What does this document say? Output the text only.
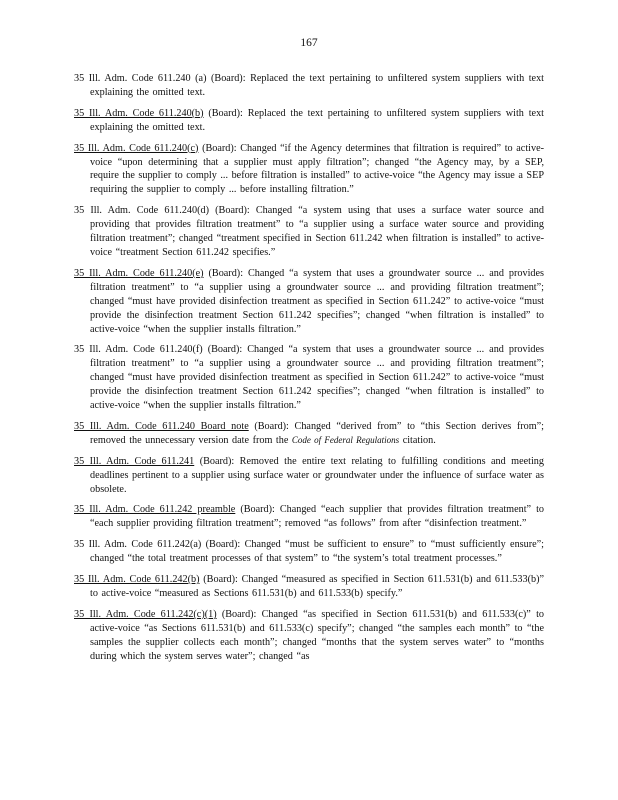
167

35 Ill. Adm. Code 611.240 (a) (Board): Replaced the text pertaining to unfiltered system suppliers with text explaining the omitted text.

35 Ill. Adm. Code 611.240(b) (Board): Replaced the text pertaining to unfiltered system suppliers with text explaining the omitted text.

35 Ill. Adm. Code 611.240(c) (Board): Changed “if the Agency determines that filtration is required” to active-voice “upon determining that a supplier must apply filtration”; changed “the Agency may, by a SEP, require the supplier to comply ... before filtration is installed” to active-voice “the Agency may issue a SEP requiring the supplier to comply ... before installing filtration.”

35 Ill. Adm. Code 611.240(d) (Board): Changed “a system using that uses a surface water source and providing that provides filtration treatment” to “a supplier using a surface water source and providing filtration treatment”; changed “treatment specified in Section 611.242 when filtration is installed” to active-voice “treatment Section 611.242 specifies.”

35 Ill. Adm. Code 611.240(e) (Board): Changed “a system that uses a groundwater source ... and provides filtration treatment” to “a supplier using a groundwater source ... and providing filtration treatment”; changed “must have provided disinfection treatment as specified in Section 611.242” to active-voice “must provide the disinfection treatment Section 611.242 specifies”; changed “when filtration is installed” to active-voice “when the supplier installs filtration.”

35 Ill. Adm. Code 611.240(f) (Board): Changed “a system that uses a groundwater source ... and provides filtration treatment” to “a supplier using a groundwater source ... and providing filtration treatment”; changed “must have provided disinfection treatment as specified in Section 611.242” to active-voice “must provide the disinfection treatment Section 611.242 specifies”; changed “when filtration is installed” to active-voice “when the supplier installs filtration.”

35 Ill. Adm. Code 611.240 Board note (Board): Changed “derived from” to “this Section derives from”; removed the unnecessary version date from the Code of Federal Regulations citation.

35 Ill. Adm. Code 611.241 (Board): Removed the entire text relating to fulfilling conditions and meeting deadlines pertinent to a supplier using surface water or groundwater under the influence of surface water as obsolete.

35 Ill. Adm. Code 611.242 preamble (Board): Changed “each supplier that provides filtration treatment” to “each supplier providing filtration treatment”; removed “as follows” from after “disinfection treatment.”

35 Ill. Adm. Code 611.242(a) (Board): Changed “must be sufficient to ensure” to “must sufficiently ensure”; changed “the total treatment processes of that system” to “the system’s total treatment processes.”

35 Ill. Adm. Code 611.242(b) (Board): Changed “measured as specified in Section 611.531(b) and 611.533(b)” to active-voice “measured as Sections 611.531(b) and 611.533(b) specify.”

35 Ill. Adm. Code 611.242(c)(1) (Board): Changed “as specified in Section 611.531(b) and 611.533(c)” to active-voice “as Sections 611.531(b) and 611.533(c) specify”; changed “the samples each month” to “the samples the supplier collects each month”; changed “months that the system serves water” to “months during which the system serves water”; changed “as
